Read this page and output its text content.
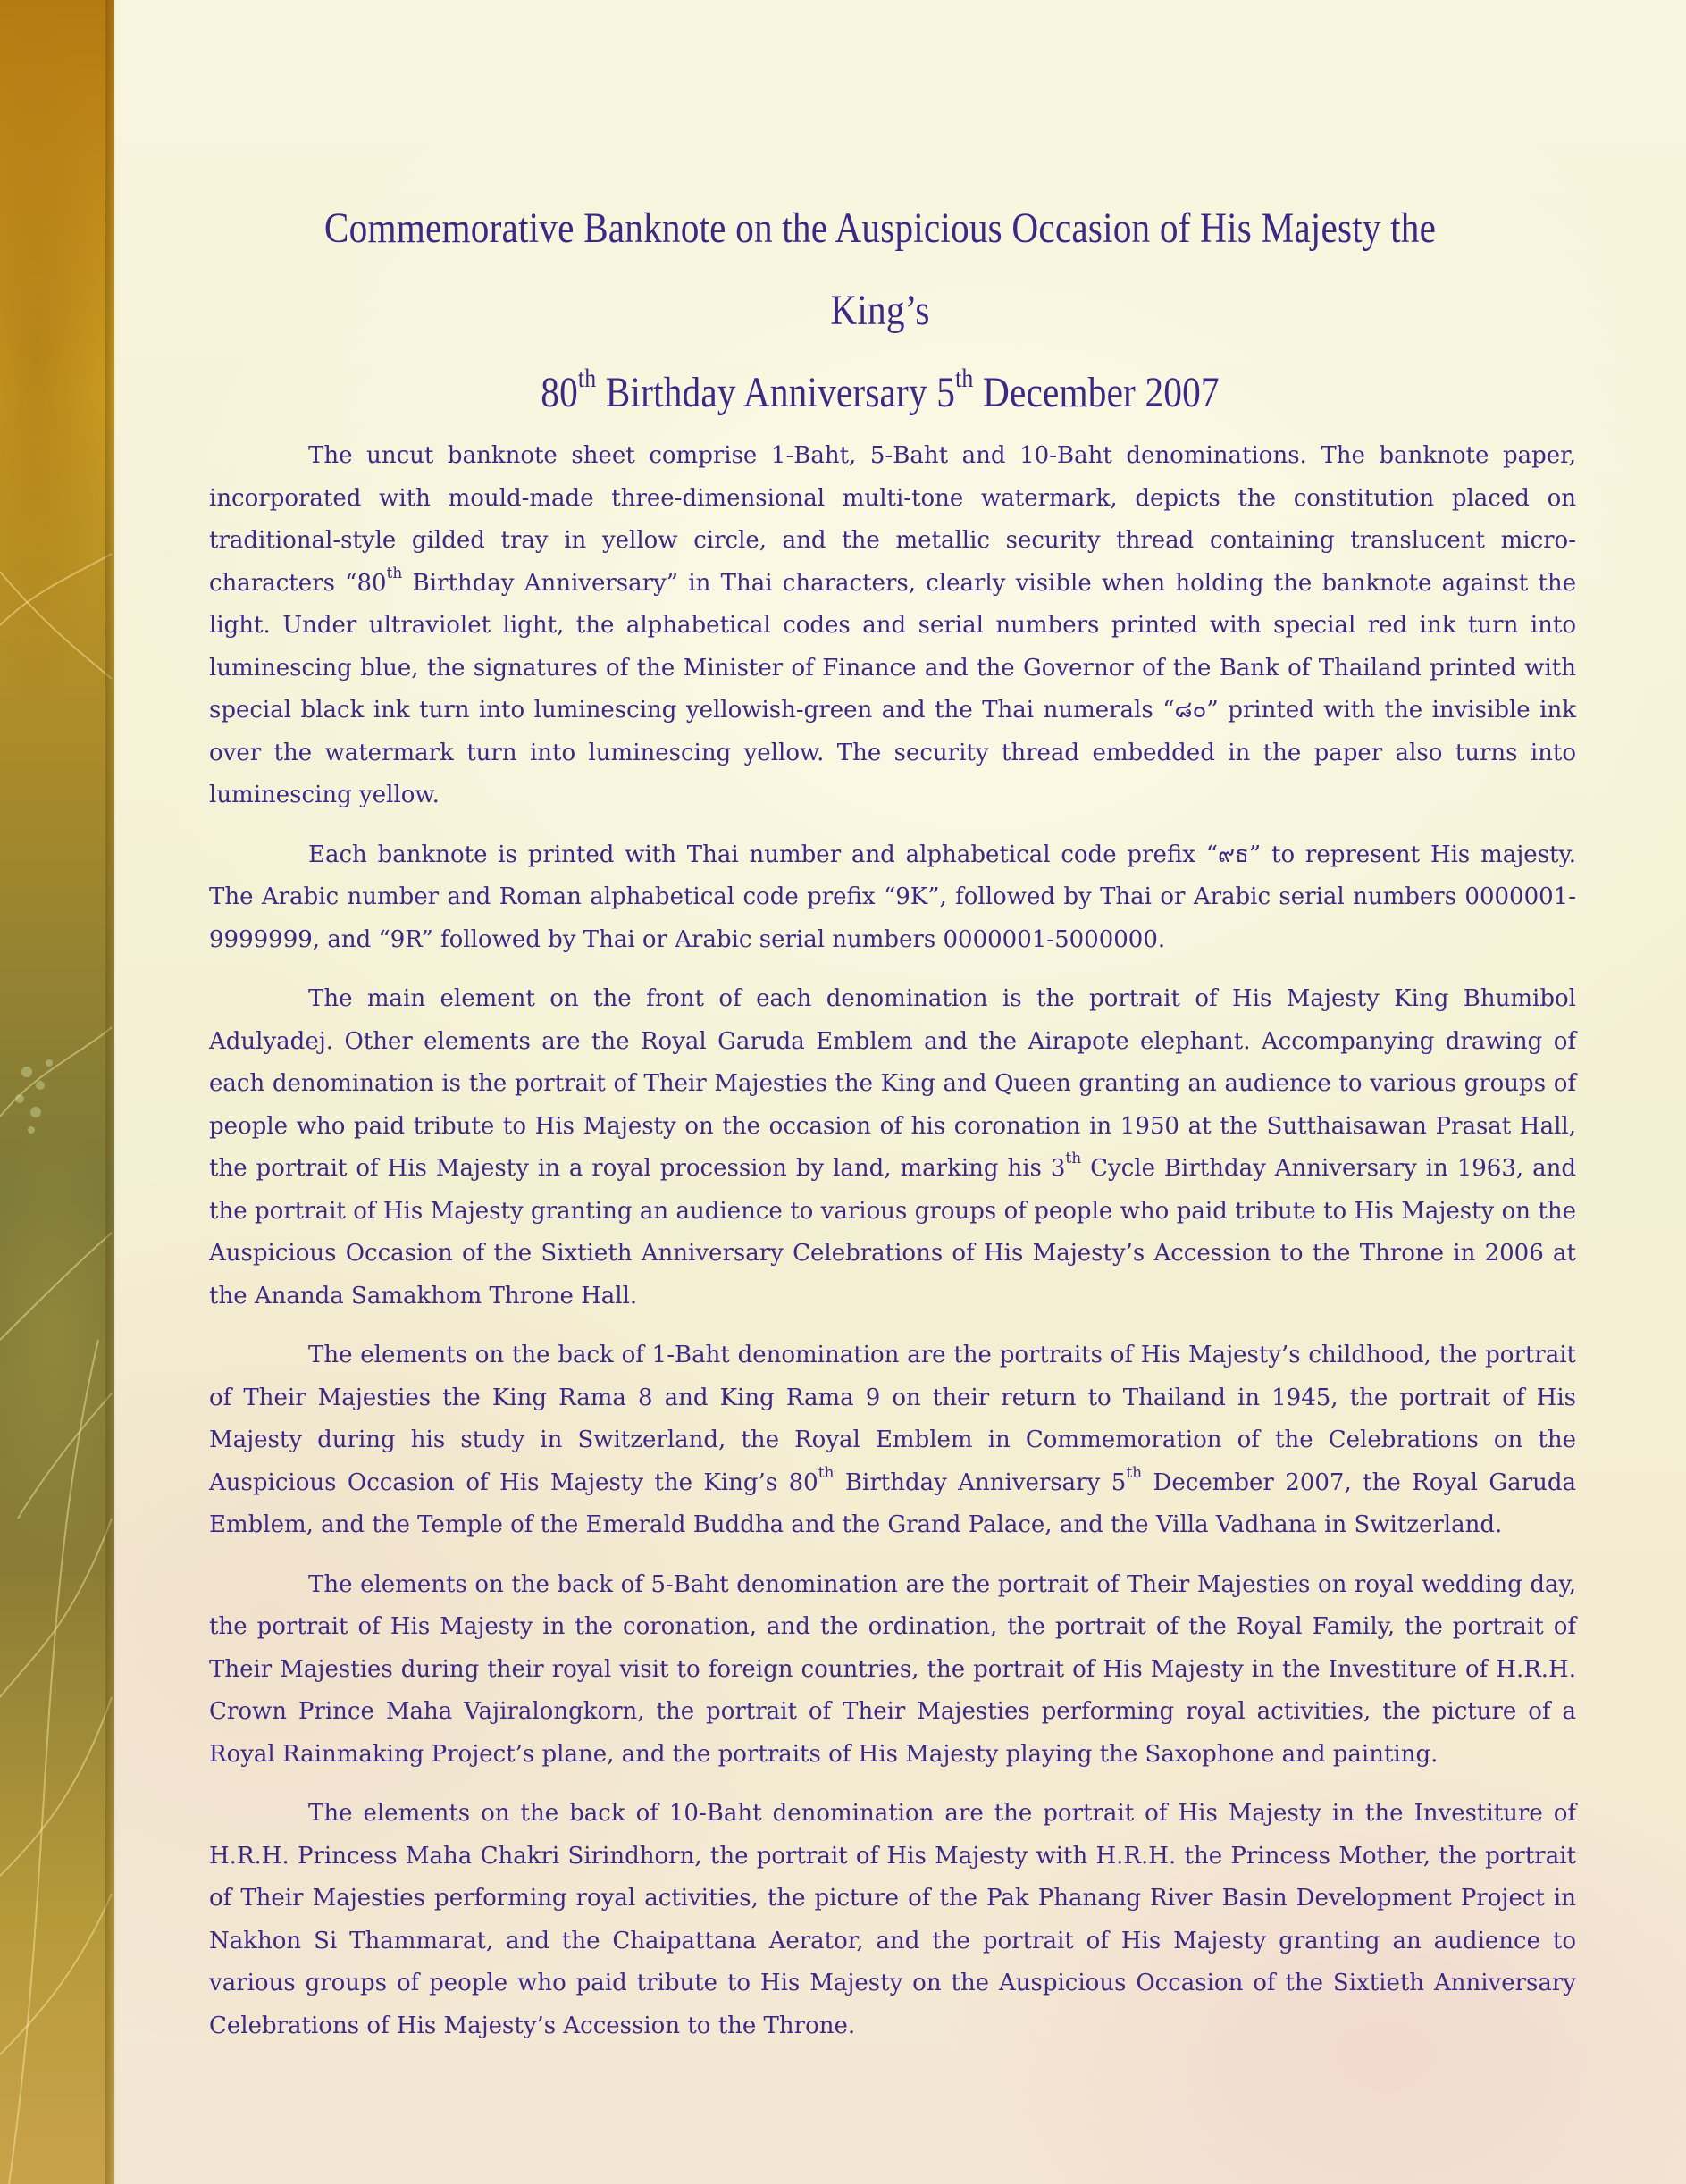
Commemorative Banknote on the Auspicious Occasion of His Majesty the King’s
80th Birthday Anniversary 5th December 2007

The uncut banknote sheet comprise 1-Baht, 5-Baht and 10-Baht denominations. The banknote paper, incorporated with mould-made three-dimensional multi-tone watermark, depicts the constitution placed on traditional-style gilded tray in yellow circle, and the metallic security thread containing translucent micro-characters “80th Birthday Anniversary” in Thai characters, clearly visible when holding the banknote against the light. Under ultraviolet light, the alphabetical codes and serial numbers printed with special red ink turn into luminescing blue, the signatures of the Minister of Finance and the Governor of the Bank of Thailand printed with special black ink turn into luminescing yellowish-green and the Thai numerals “๘๐” printed with the invisible ink over the watermark turn into luminescing yellow. The security thread embedded in the paper also turns into luminescing yellow.

Each banknote is printed with Thai number and alphabetical code prefix “๙ธ” to represent His majesty. The Arabic number and Roman alphabetical code prefix “9K”, followed by Thai or Arabic serial numbers 0000001-9999999, and “9R” followed by Thai or Arabic serial numbers 0000001-5000000.

The main element on the front of each denomination is the portrait of His Majesty King Bhumibol Adulyadej. Other elements are the Royal Garuda Emblem and the Airapote elephant. Accompanying drawing of each denomination is the portrait of Their Majesties the King and Queen granting an audience to various groups of people who paid tribute to His Majesty on the occasion of his coronation in 1950 at the Sutthaisawan Prasat Hall, the portrait of His Majesty in a royal procession by land, marking his 3th Cycle Birthday Anniversary in 1963, and the portrait of His Majesty granting an audience to various groups of people who paid tribute to His Majesty on the Auspicious Occasion of the Sixtieth Anniversary Celebrations of His Majesty’s Accession to the Throne in 2006 at the Ananda Samakhom Throne Hall.

The elements on the back of 1-Baht denomination are the portraits of His Majesty’s childhood, the portrait of Their Majesties the King Rama 8 and King Rama 9 on their return to Thailand in 1945, the portrait of His Majesty during his study in Switzerland, the Royal Emblem in Commemoration of the Celebrations on the Auspicious Occasion of His Majesty the King’s 80th Birthday Anniversary 5th December 2007, the Royal Garuda Emblem, and the Temple of the Emerald Buddha and the Grand Palace, and the Villa Vadhana in Switzerland.

The elements on the back of 5-Baht denomination are the portrait of Their Majesties on royal wedding day, the portrait of His Majesty in the coronation, and the ordination, the portrait of the Royal Family, the portrait of Their Majesties during their royal visit to foreign countries, the portrait of His Majesty in the Investiture of H.R.H. Crown Prince Maha Vajiralongkorn, the portrait of Their Majesties performing royal activities, the picture of a Royal Rainmaking Project’s plane, and the portraits of His Majesty playing the Saxophone and painting.

The elements on the back of 10-Baht denomination are the portrait of His Majesty in the Investiture of H.R.H. Princess Maha Chakri Sirindhorn, the portrait of His Majesty with H.R.H. the Princess Mother, the portrait of Their Majesties performing royal activities, the picture of the Pak Phanang River Basin Development Project in Nakhon Si Thammarat, and the Chaipattana Aerator, and the portrait of His Majesty granting an audience to various groups of people who paid tribute to His Majesty on the Auspicious Occasion of the Sixtieth Anniversary Celebrations of His Majesty’s Accession to the Throne.
